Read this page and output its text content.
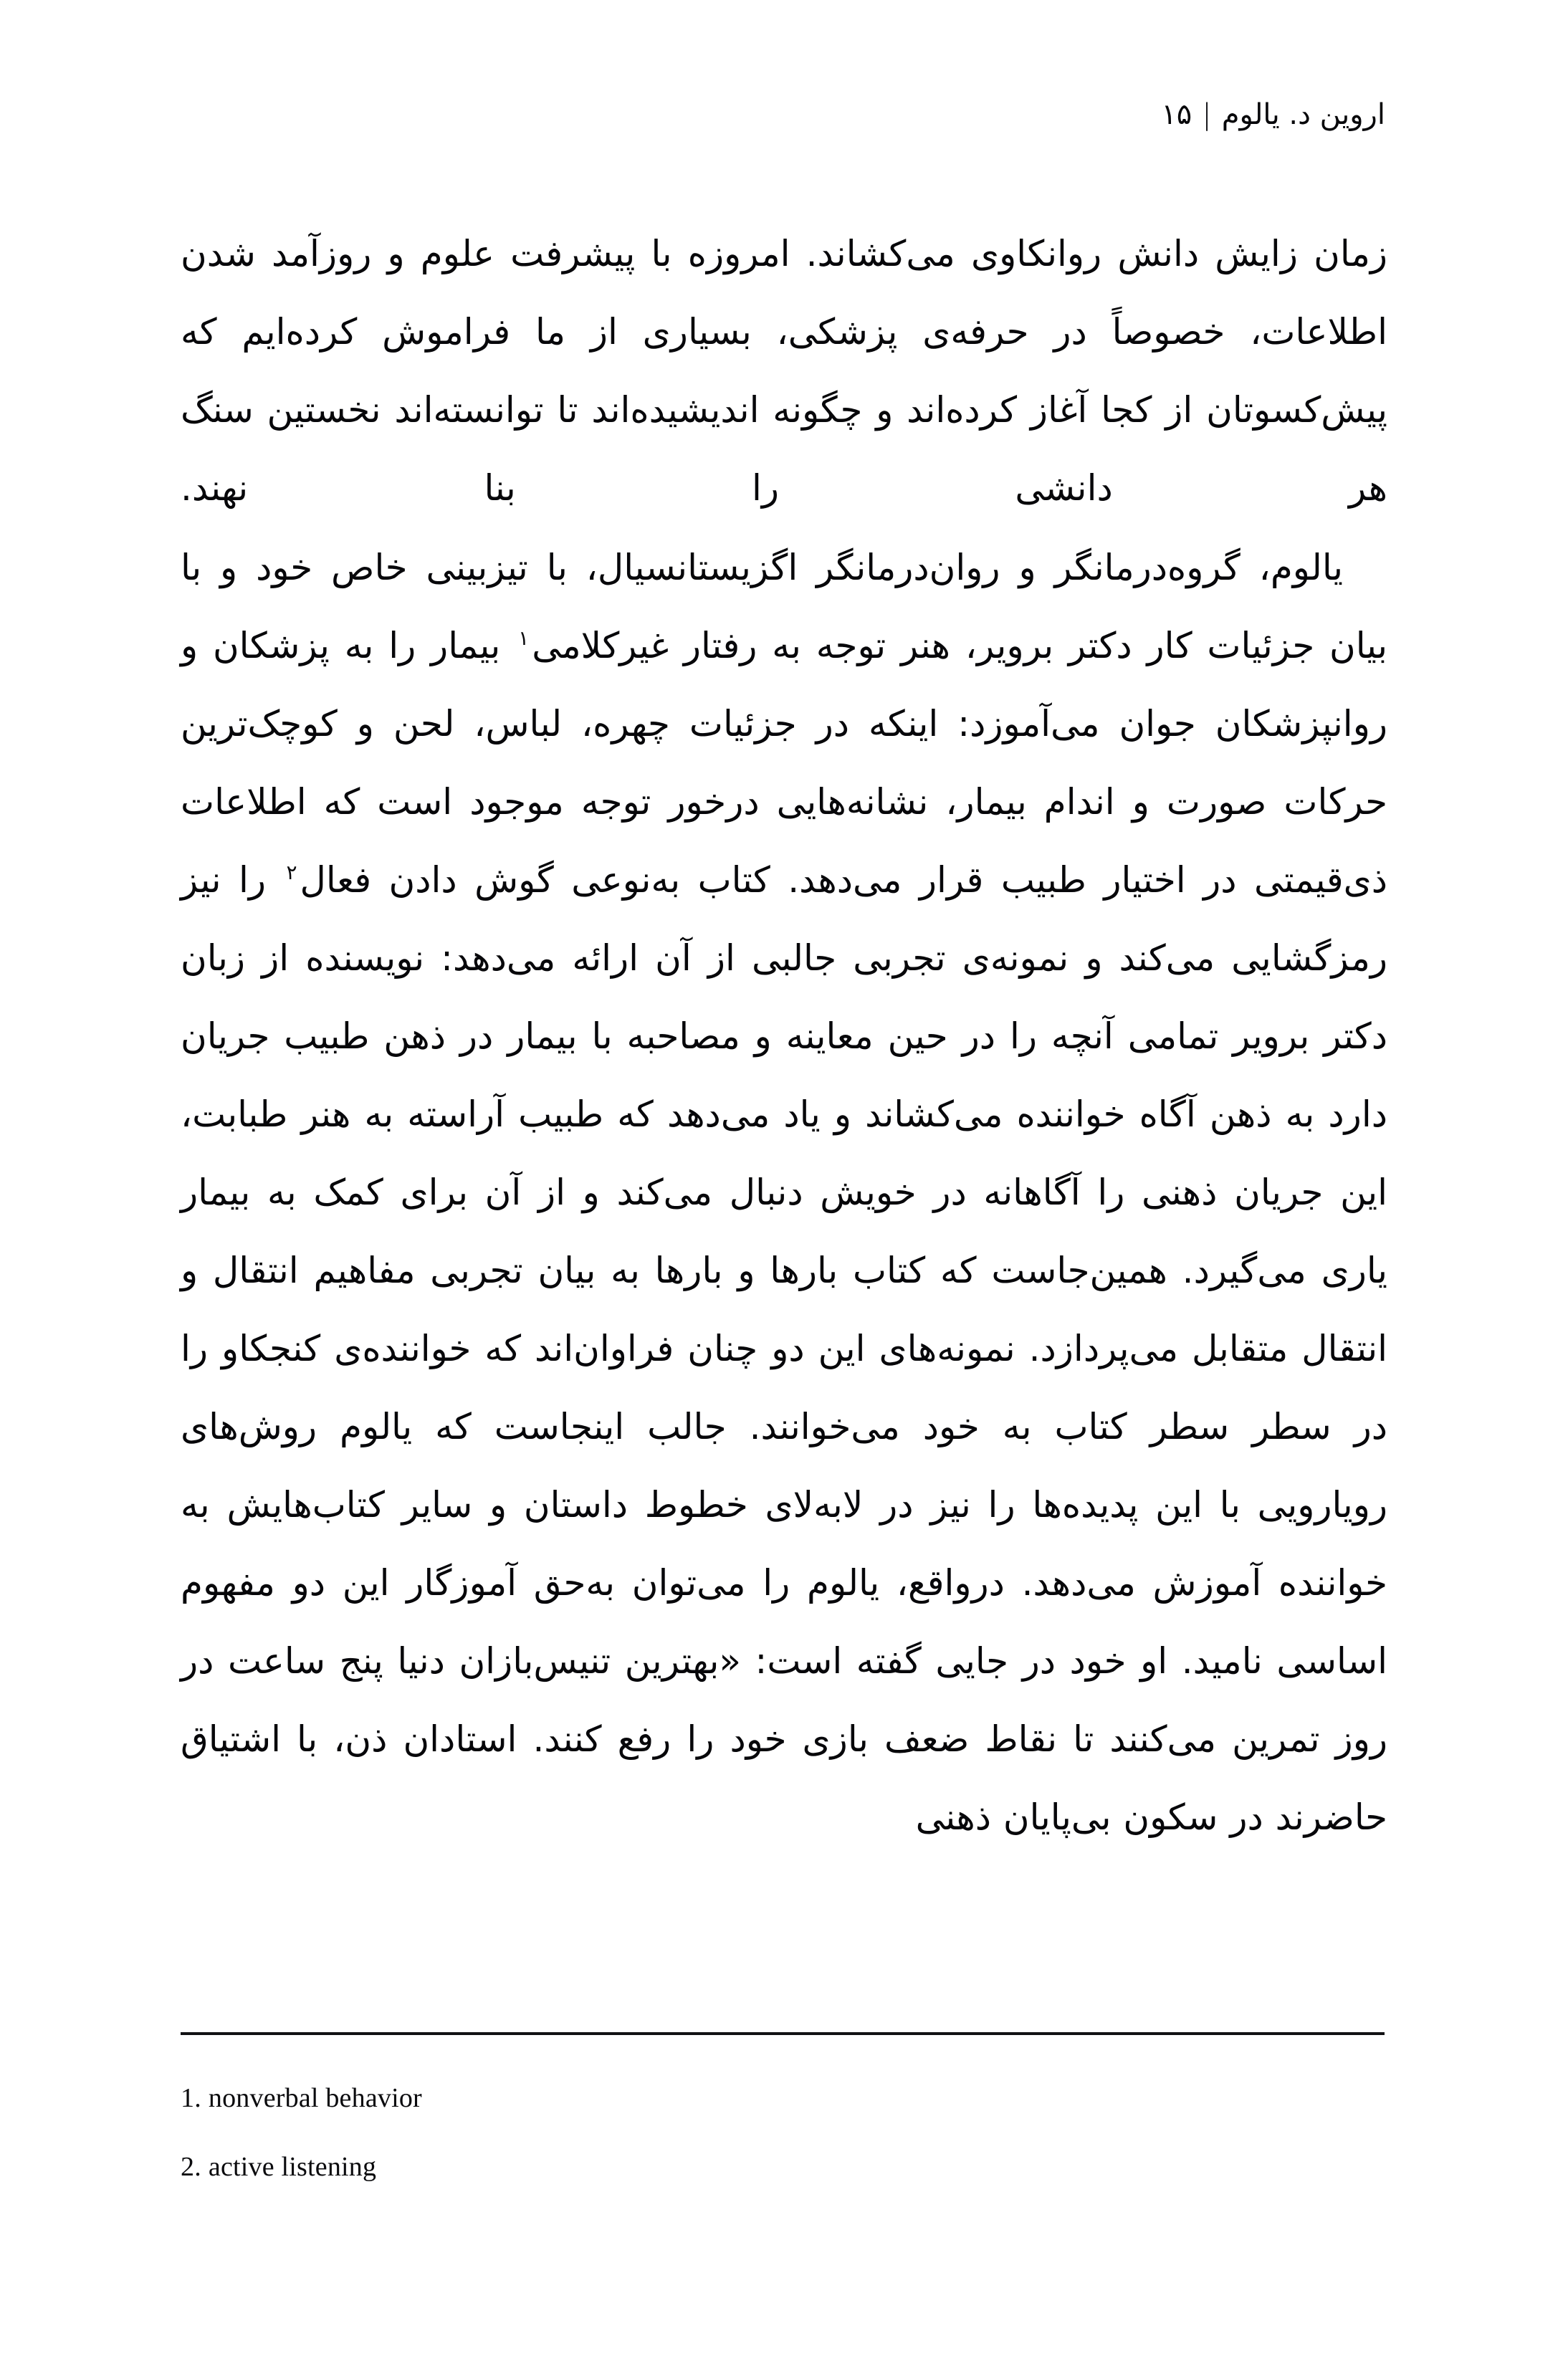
اروین د. یالوم|۱۵

زمان زایش دانش روانکاوی می‌کشاند. امروزه با پیشرفت علوم و روزآمد شدن اطلاعات، خصوصاً در حرفه‌ی پزشکی، بسیاری از ما فراموش کرده‌ایم که پیش‌کسوتان از کجا آغاز کرده‌اند و چگونه اندیشیده‌اند تا توانسته‌اند نخستین سنگ هر دانشی را بنا نهند.

یالوم، گروه‌درمانگر و روان‌درمانگر اگزیستانسیال، با تیزبینی خاص خود و با بیان جزئیات کار دکتر برویر، هنر توجه به رفتار غیرکلامی$^۱$ بیمار را به پزشکان و روانپزشکان جوان می‌آموزد: اینکه در جزئیات چهره، لباس، لحن و کوچک‌ترین حرکات صورت و اندام بیمار، نشانه‌هایی درخور توجه موجود است که اطلاعات ذی‌قیمتی در اختیار طبیب قرار می‌دهد. کتاب به‌نوعی گوش دادن فعال$^۲$ را نیز رمزگشایی می‌کند و نمونه‌ی تجربی جالبی از آن ارائه می‌دهد: نویسنده از زبان دکتر برویر تمامی آنچه را در حین معاینه و مصاحبه با بیمار در ذهن طبیب جریان دارد به ذهن آگاه خواننده می‌کشاند و یاد می‌دهد که طبیب آراسته به هنر طبابت، این جریان ذهنی را آگاهانه در خویش دنبال می‌کند و از آن برای کمک به بیمار یاری می‌گیرد. همین‌جاست که کتاب بارها و بارها به بیان تجربی مفاهیم انتقال و انتقال متقابل می‌پردازد. نمونه‌های این دو چنان فراوان‌اند که خواننده‌ی کنجکاو را در سطر سطر کتاب به خود می‌خوانند. جالب اینجاست که یالوم روش‌های رویارویی با این پدیده‌ها را نیز در لابه‌لای خطوط داستان و سایر کتاب‌هایش به خواننده آموزش می‌دهد. درواقع، یالوم را می‌توان به‌حق آموزگار این دو مفهوم اساسی نامید. او خود در جایی گفته است: «بهترین تنیس‌بازان دنیا پنج ساعت در روز تمرین می‌کنند تا نقاط ضعف بازی خود را رفع کنند. استادان ذن، با اشتیاق حاضرند در سکون بی‌پایان ذهنی

1. nonverbal behavior
2. active listening
